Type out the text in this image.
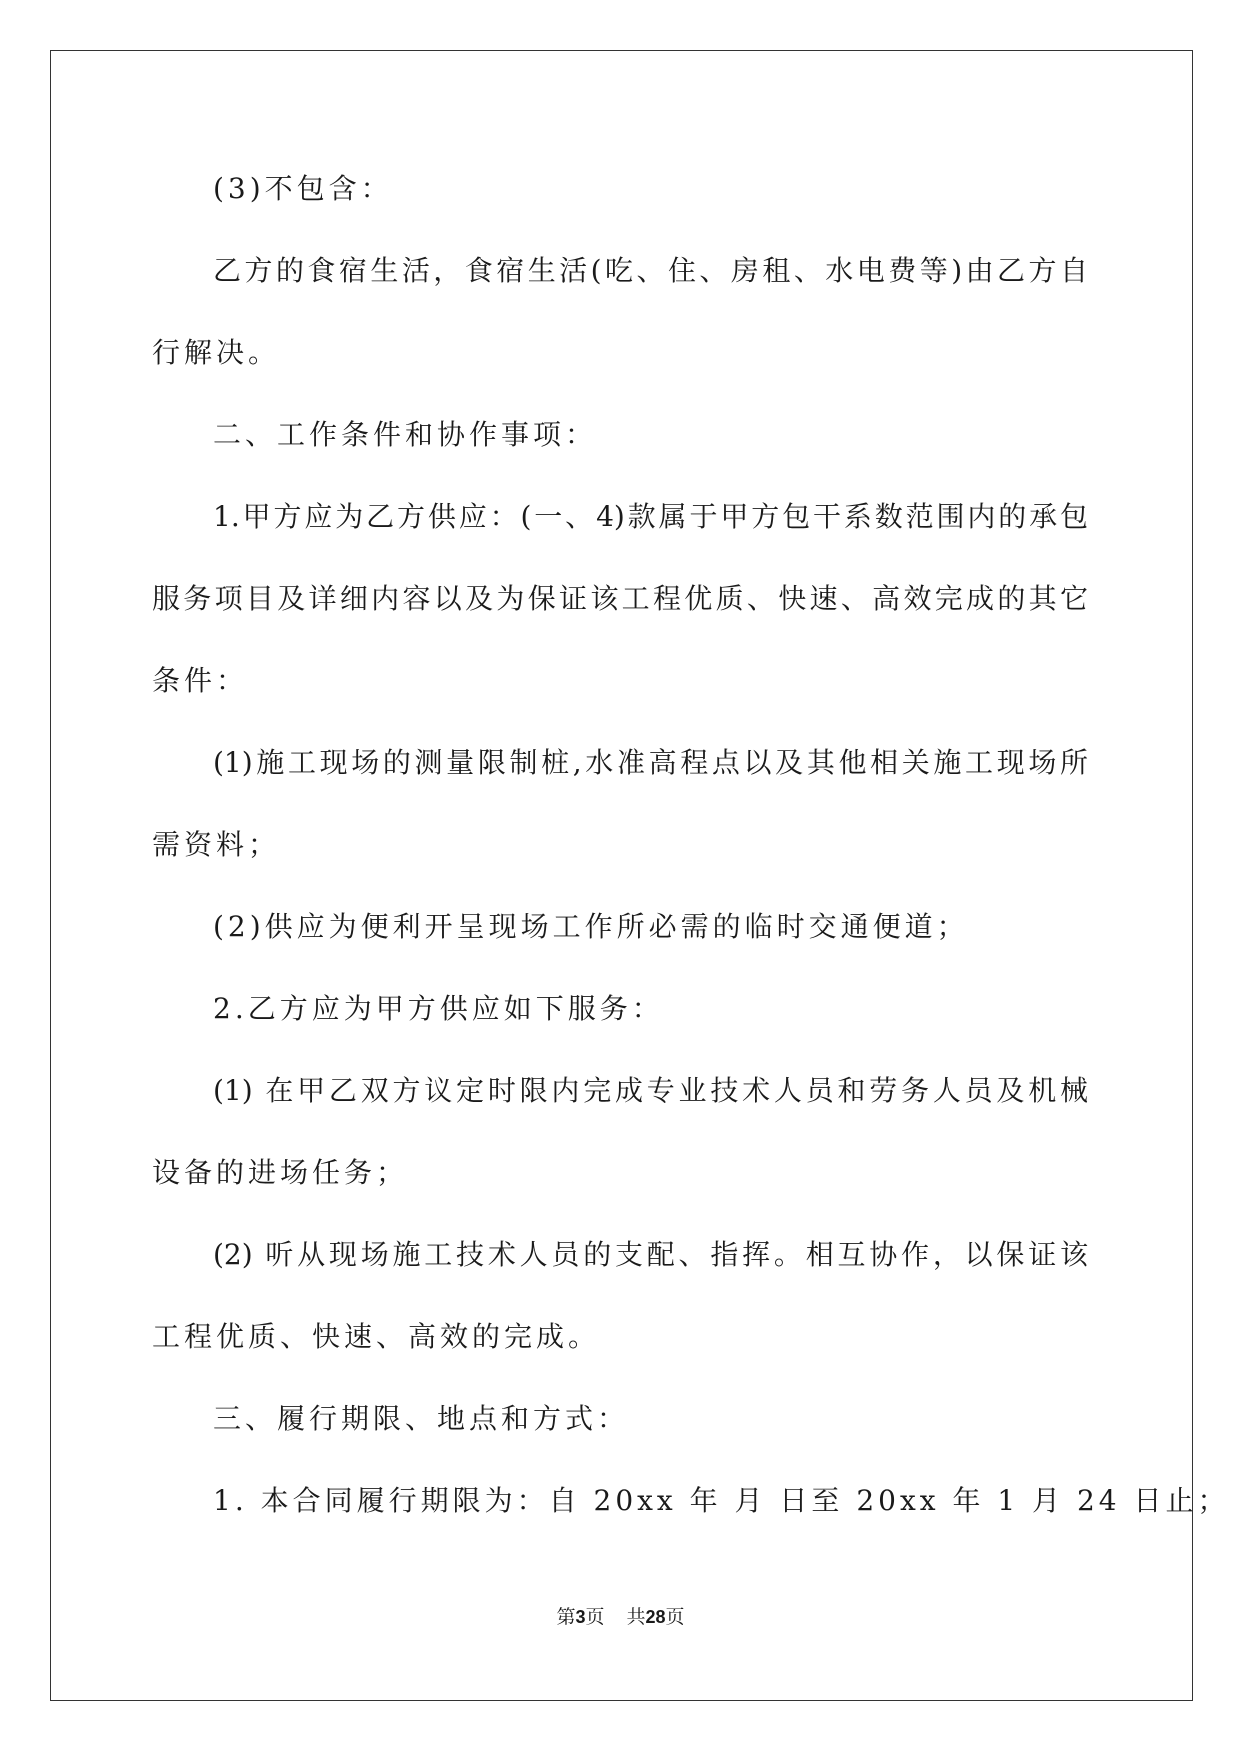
(3)不包含：
乙方的食宿生活，食宿生活(吃、住、房租、水电费等)由乙方自
行解决。
二、工作条件和协作事项：
1.甲方应为乙方供应：(一、4)款属于甲方包干系数范围内的承包
服务项目及详细内容以及为保证该工程优质、快速、高效完成的其它
条件：
(1)施工现场的测量限制桩,水准高程点以及其他相关施工现场所
需资料；
(2)供应为便利开呈现场工作所必需的临时交通便道；
2.乙方应为甲方供应如下服务：
(1) 在甲乙双方议定时限内完成专业技术人员和劳务人员及机械
设备的进场任务；
(2) 听从现场施工技术人员的支配、指挥。相互协作，以保证该
工程优质、快速、高效的完成。
三、履行期限、地点和方式：
1. 本合同履行期限为：自 20xx 年 月 日至 20xx 年 1 月 24 日止；
第3页 共28页
